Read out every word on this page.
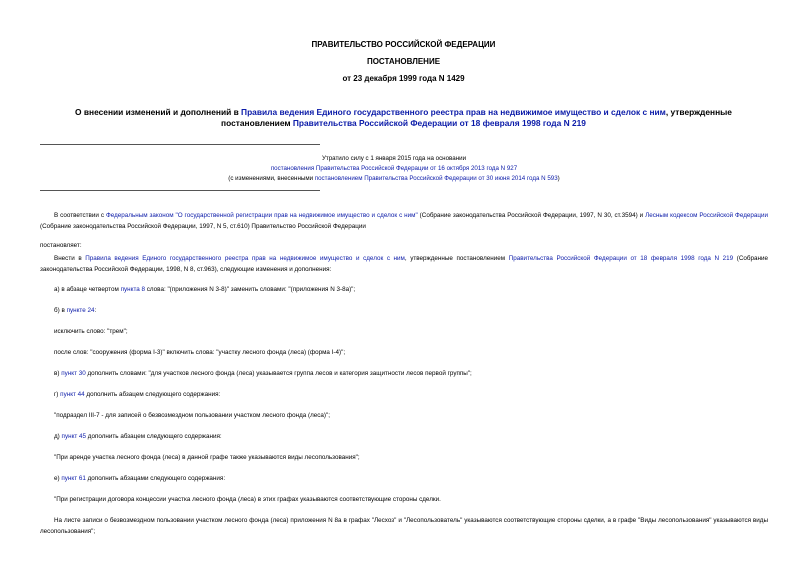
ПРАВИТЕЛЬСТВО РОССИЙСКОЙ ФЕДЕРАЦИИ
ПОСТАНОВЛЕНИЕ
от 23 декабря 1999 года N 1429
О внесении изменений и дополнений в Правила ведения Единого государственного реестра прав на недвижимое имущество и сделок с ним, утвержденные постановлением Правительства Российской Федерации от 18 февраля 1998 года N 219
Утратило силу с 1 января 2015 года на основании
постановления Правительства Российской Федерации от 16 октября 2013 года N 927
(с изменениями, внесенными постановлением Правительства Российской Федерации от 30 июня 2014 года N 593)
В соответствии с Федеральным законом "О государственной регистрации прав на недвижимое имущество и сделок с ним" (Собрание законодательства Российской Федерации, 1997, N 30, ст.3594) и Лесным кодексом Российской Федерации (Собрание законодательства Российской Федерации, 1997, N 5, ст.610) Правительство Российской Федерации
постановляет:
Внести в Правила ведения Единого государственного реестра прав на недвижимое имущество и сделок с ним, утвержденные постановлением Правительства Российской Федерации от 18 февраля 1998 года N 219 (Собрание законодательства Российской Федерации, 1998, N 8, ст.963), следующие изменения и дополнения:
а) в абзаце четвертом пункта 8 слова: "(приложения N 3-8)" заменить словами: "(приложения N 3-8а)";
б) в пункте 24:
исключить слово: "трем";
после слов: "сооружения (форма I-3)" включить слова: "участку лесного фонда (леса) (форма I-4)";
в) пункт 30 дополнить словами: "для участков лесного фонда (леса) указывается группа лесов и категория защитности лесов первой группы";
г) пункт 44 дополнить абзацем следующего содержания:
"подраздел III-7 - для записей о безвозмездном пользовании участком лесного фонда (леса)";
д) пункт 45 дополнить абзацем следующего содержания:
"При аренде участка лесного фонда (леса) в данной графе также указываются виды лесопользования";
е) пункт 61 дополнить абзацами следующего содержания:
"При регистрации договора концессии участка лесного фонда (леса) в этих графах указываются соответствующие стороны сделки.
На листе записи о безвозмездном пользовании участком лесного фонда (леса) приложения N 8а в графах "Лесхоз" и "Лесопользователь" указываются соответствующие стороны сделки, а в графе "Виды лесопользования" указываются виды лесопользования";
